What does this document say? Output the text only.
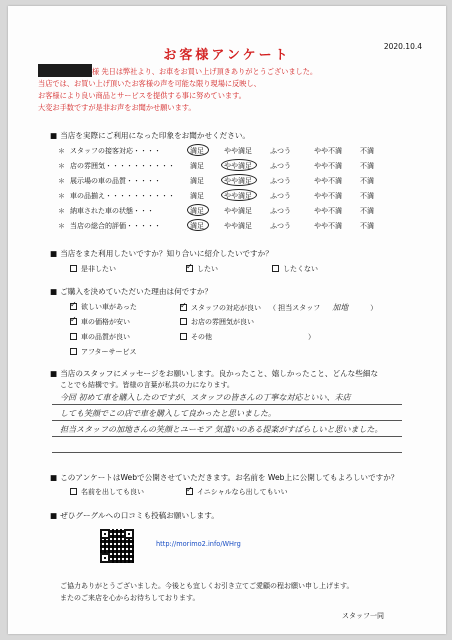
お客様アンケート
2020.10.4
様 先日は弊社より、お車をお買い上げ頂きありがとうございました。
当店では、お買い上げ頂いたお客様の声を可能な限り現場に反映し、
お客様により良い商品とサービスを提供する事に努めています。
大変お手数ですが是非お声をお聞かせ願います。
■ 当店を実際にご利用になった印象をお聞かせください。
＊ スタッフの接客対応・・・・	満足	やや満足	ふつう	やや不満	不満
＊ 店の雰囲気・・・・・・・・・・ 満足	やや満足	ふつう	やや不満	不満
＊ 展示場の車の品質・・・・・	満足	やや満足	ふつう	やや不満	不満
＊ 車の品揃え・・・・・・・・・・ 満足	やや満足	ふつう	やや不満	不満
＊ 納車された車の状態・・・	満足	やや満足	ふつう	やや不満	不満
＊ 当店の総合的評価・・・・・	満足	やや満足	ふつう	やや不満	不満
■ 当店をまた利用したいですか？知り合いに紹介したいですか？
是非したい ✓	したい	したくない
■ ご購入を決めていただいた理由は何ですか？
✓欲しい車があった
✓車の価格が安い
車の品質が良い
アフターサービス
✓スタッフの対応が良い （ 担当スタッフ 加地	）
お店の雰囲気が良い
その他	）
■ 当店のスタッフにメッセージをお願いします。良かったこと、嬉しかったこと、どんな些細な
ことでも結構です。皆様の言葉が私共の力になります。
今回 初めて車を購入したのですが、スタッフの皆さんの丁寧な対応といい、未店
しても笑顔でこの店で車を購入して良かったと思いました。
担当スタッフの加地さんの笑顔とユーモア 気遣いのある提案がすばらしいと思いました。
■ このアンケートはWebで公開させていただきます。お名前を Web上に公開してもよろしいですか？
名前を出しても良い ✓	イニシャルなら出してもいい
■ ぜひグーグルへの口コミも投稿お願いします。
http://morimo2.info/WHrg
ご協力ありがとうございました。今後とも宜しくお引き立てご愛顧の程お願い申し上げます。
またのご来店を心からお待ちしております。
スタッフ一同
